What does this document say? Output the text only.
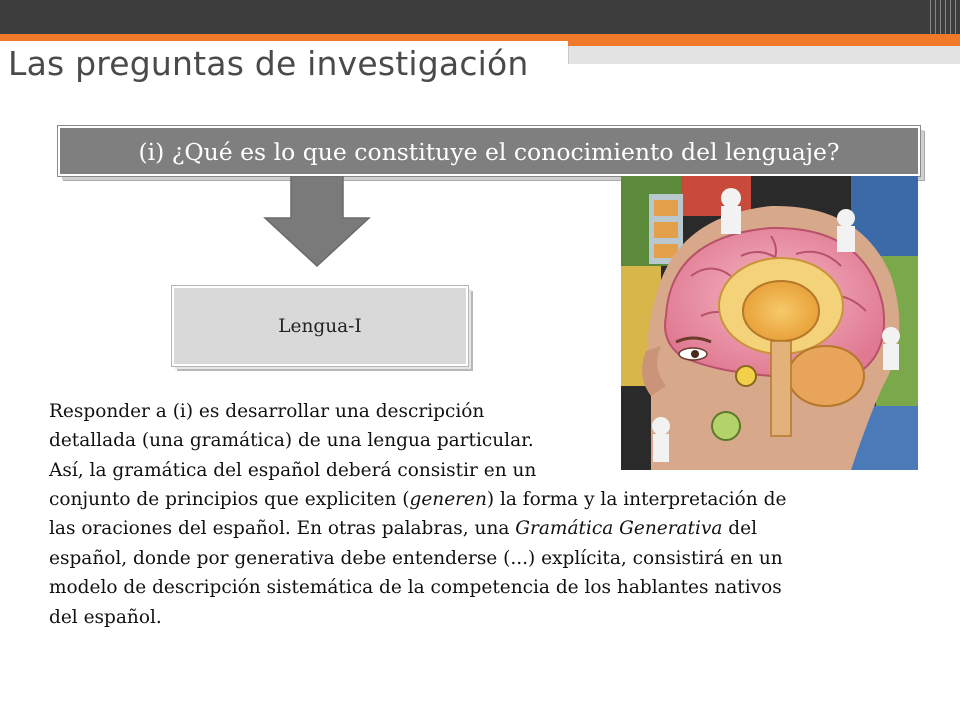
Las preguntas de investigación
(i) ¿Qué es lo que constituye el conocimiento del lenguaje?
Lengua-I
Responder a (i) es desarrollar una descripción
detallada (una gramática) de una lengua particular.
Así, la gramática del español deberá consistir en un
conjunto de principios que expliciten (generen) la forma y la interpretación de
las oraciones del español. En otras palabras, una Gramática Generativa del
español, donde por generativa debe entenderse (...) explícita, consistirá en un
modelo de descripción sistemática de la competencia de los hablantes nativos
del español.
